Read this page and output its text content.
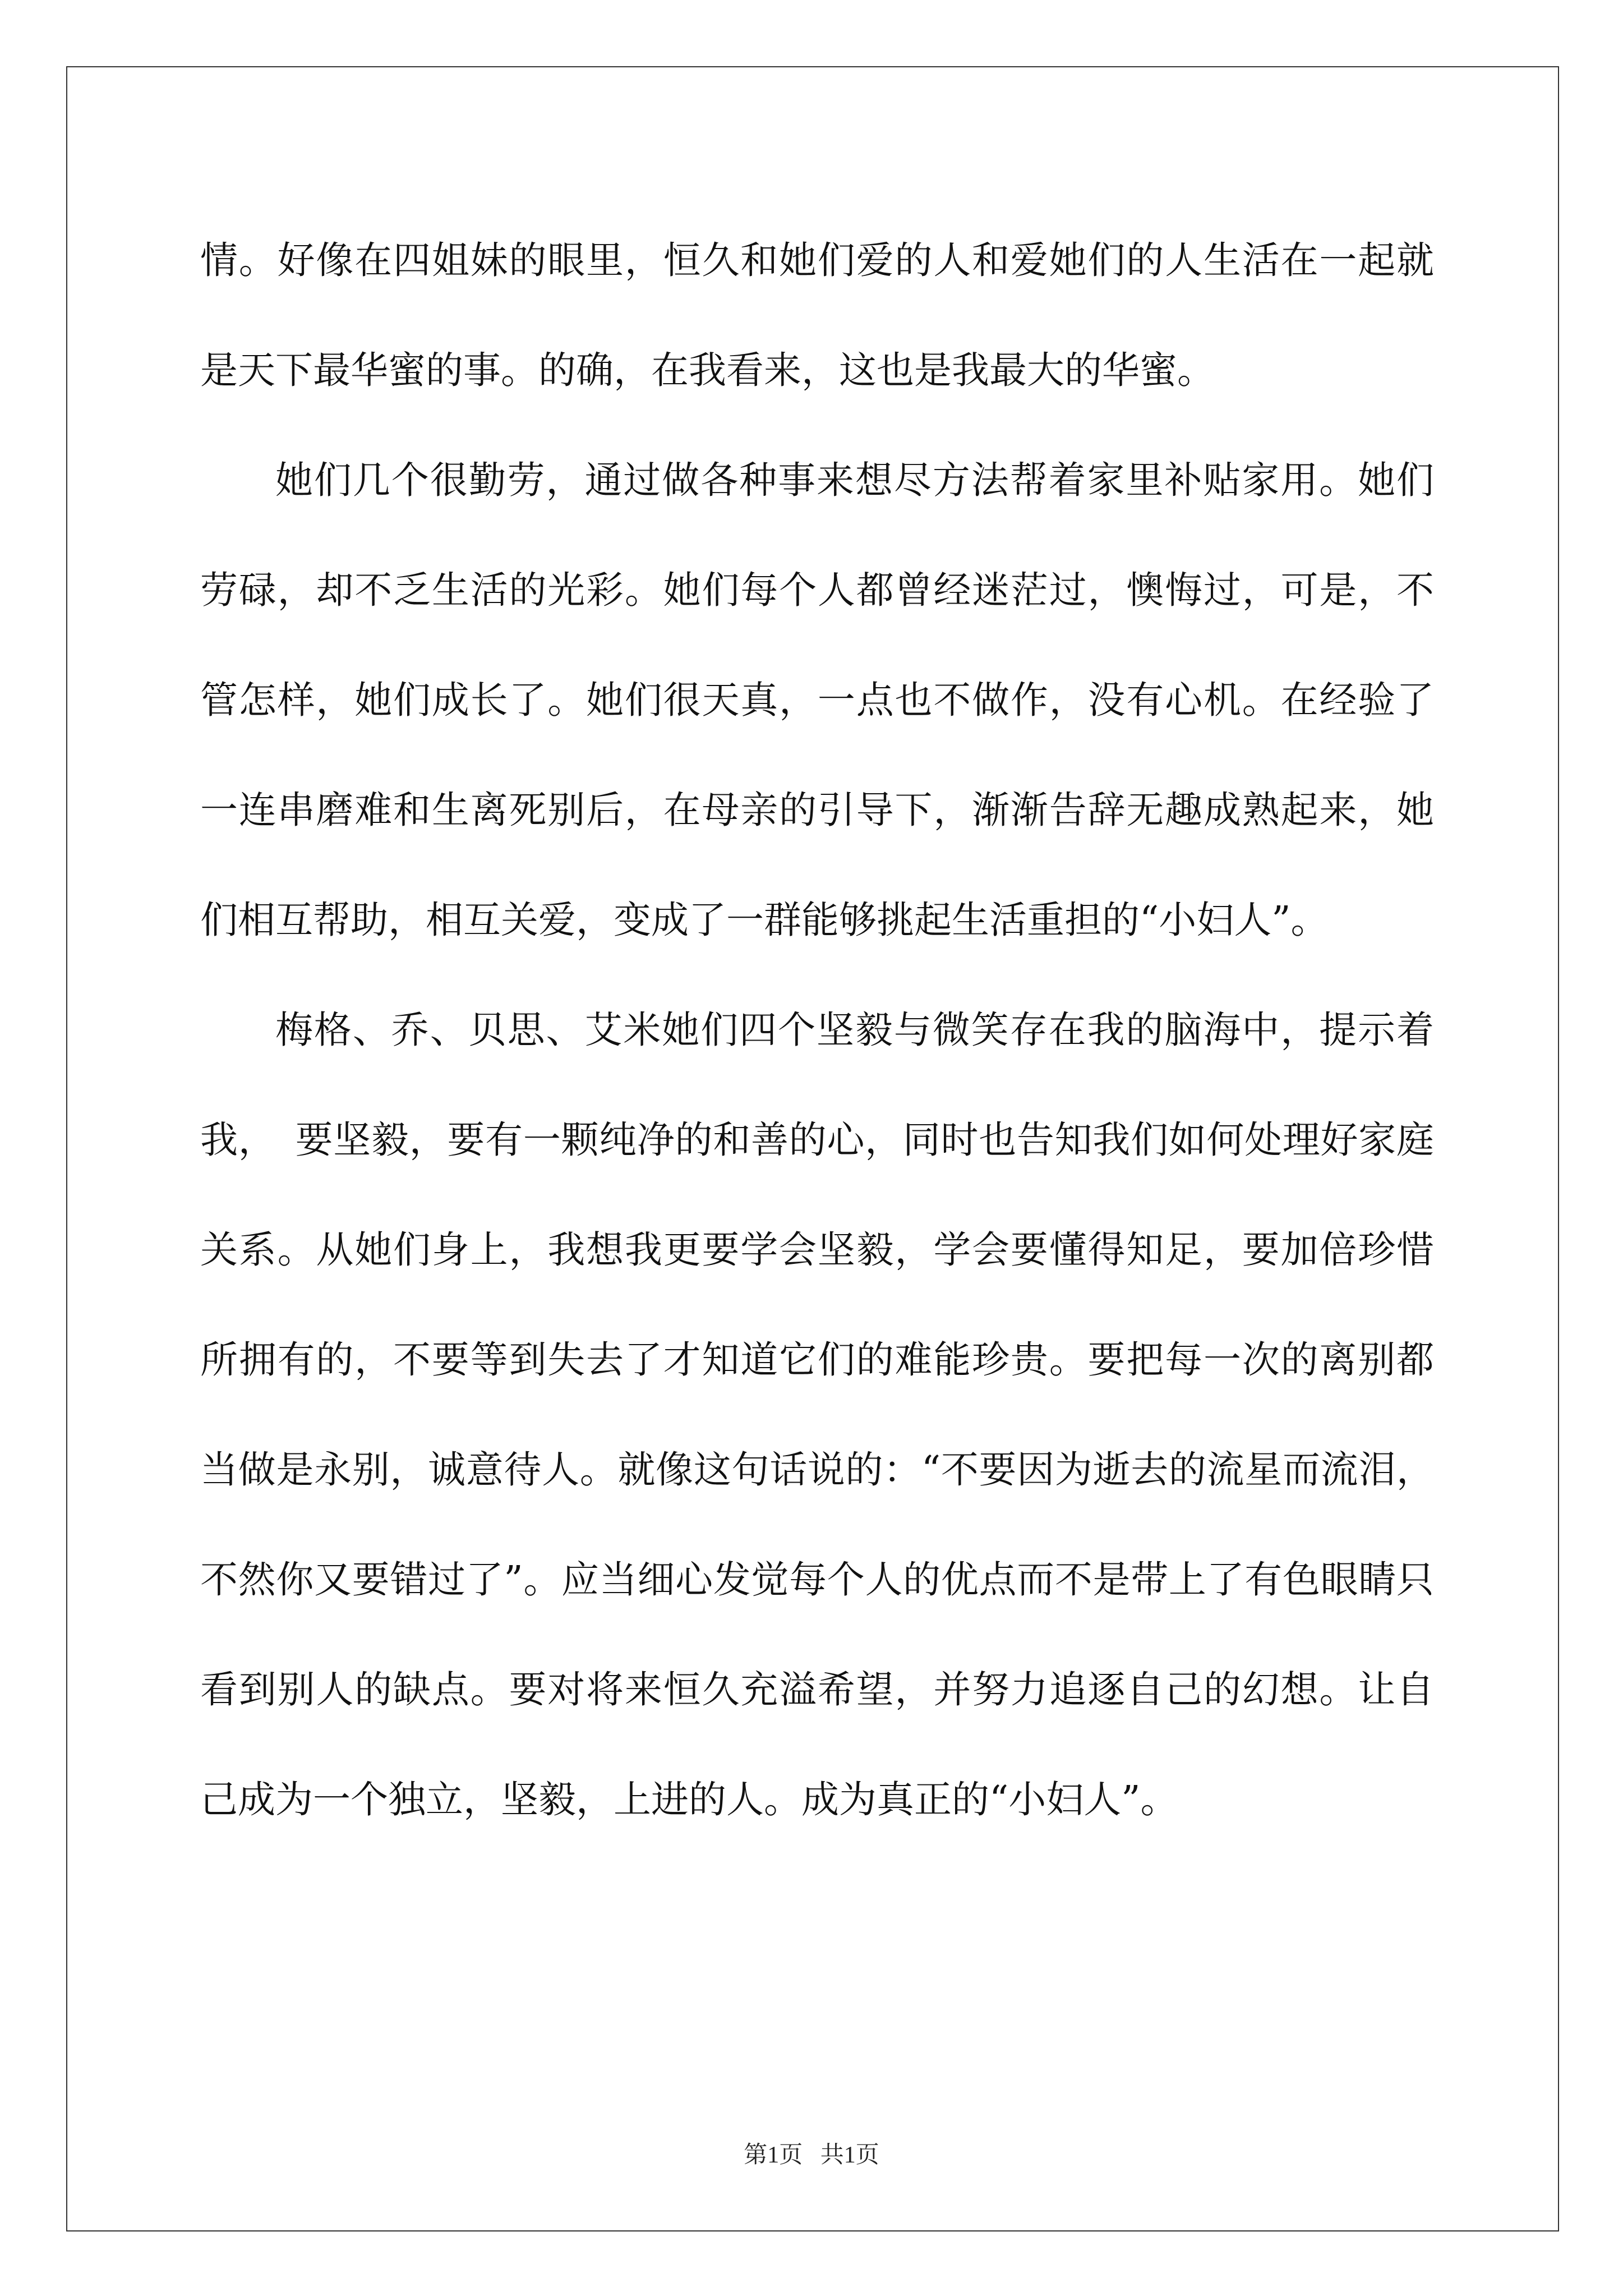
情。好像在四姐妹的眼里，恒久和她们爱的人和爱她们的人生活在一起就是天下最华蜜的事。的确，在我看来，这也是我最大的华蜜。

她们几个很勤劳，通过做各种事来想尽方法帮着家里补贴家用。她们劳碌，却不乏生活的光彩。她们每个人都曾经迷茫过，懊悔过，可是，不管怎样，她们成长了。她们很天真，一点也不做作，没有心机。在经验了一连串磨难和生离死别后，在母亲的引导下，渐渐告辞无趣成熟起来，她们相互帮助，相互关爱，变成了一群能够挑起生活重担的“小妇人”。

梅格、乔、贝思、艾米她们四个坚毅与微笑存在我的脑海中，提示着我，　要坚毅，要有一颗纯净的和善的心，同时也告知我们如何处理好家庭关系。从她们身上，我想我更要学会坚毅，学会要懂得知足，要加倍珍惜所拥有的，不要等到失去了才知道它们的难能珍贵。要把每一次的离别都当做是永别，诚意待人。就像这句话说的：“不要因为逝去的流星而流泪，不然你又要错过了”。应当细心发觉每个人的优点而不是带上了有色眼睛只看到别人的缺点。要对将来恒久充溢希望，并努力追逐自己的幻想。让自己成为一个独立，坚毅，上进的人。成为真正的“小妇人”。

第1页 共1页
